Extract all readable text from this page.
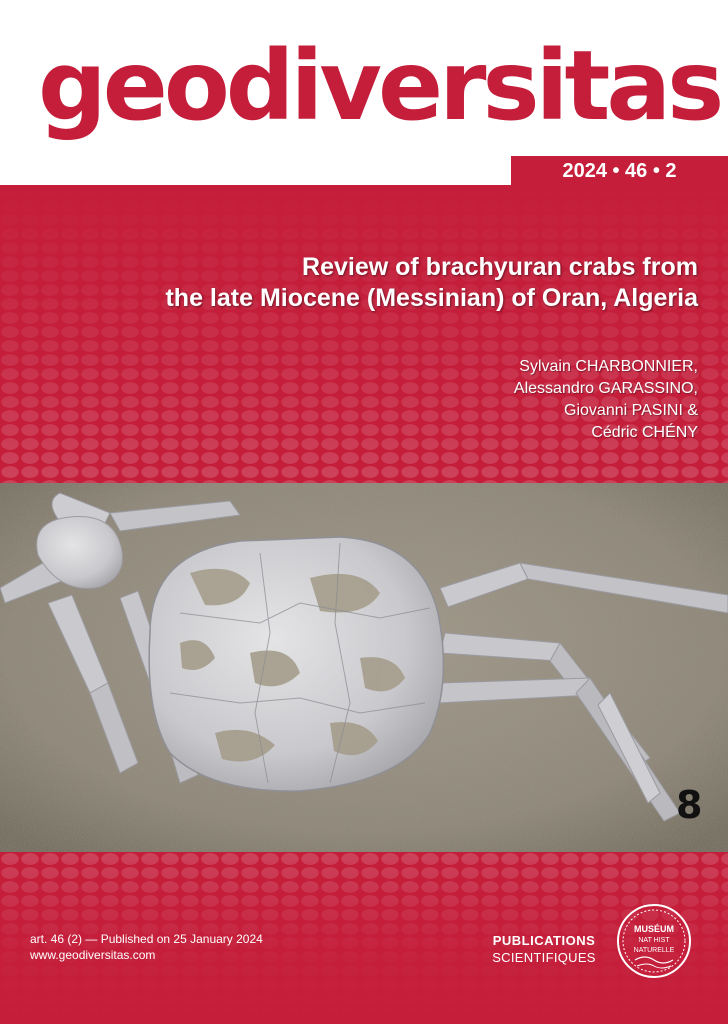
geodiversitas
2024 • 46 • 2
Review of brachyuran crabs from
the late Miocene (Messinian) of Oran, Algeria
Sylvain CHARBONNIER,
Alessandro GARASSINO,
Giovanni PASINI &
Cédric CHÉNY
8
art. 46 (2) — Published on 25 January 2024
www.geodiversitas.com
PUBLICATIONS
SCIENTIFIQUES
MUSÉUM
NAT HIST
NATURELLE
